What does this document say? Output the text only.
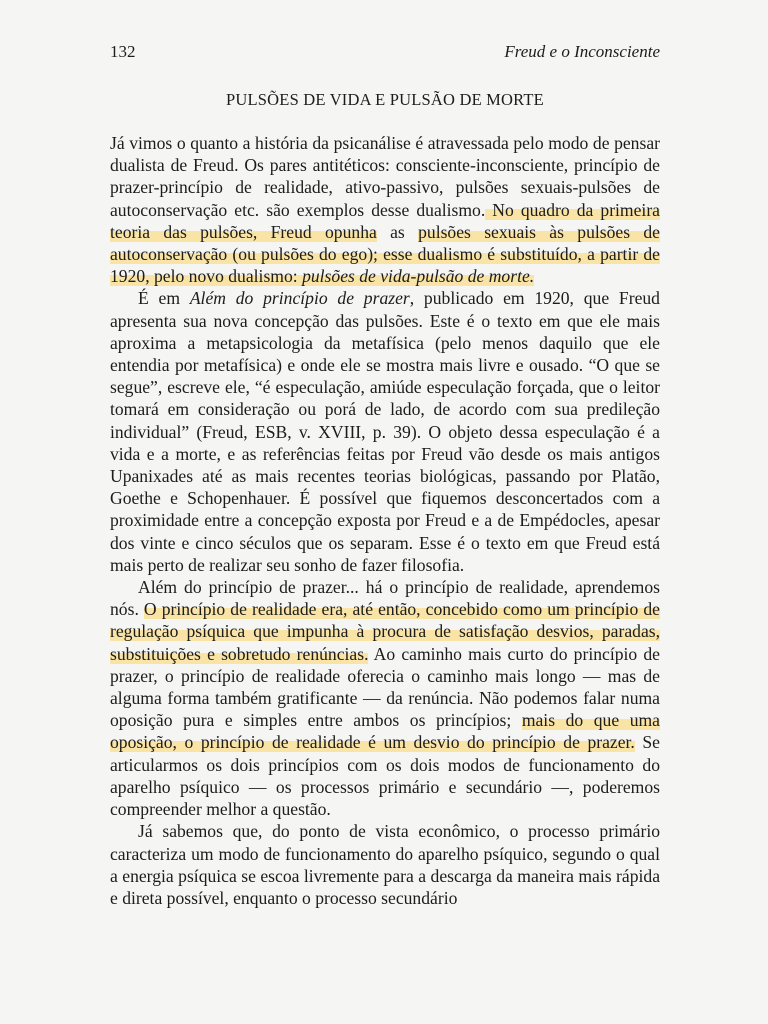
132	Freud e o Inconsciente
PULSÕES DE VIDA E PULSÃO DE MORTE

Já vimos o quanto a história da psicanálise é atravessada pelo modo de pensar dualista de Freud. Os pares antitéticos: consciente-inconsciente, princípio de prazer-princípio de realidade, ativo-passivo, pulsões sexuais-pulsões de autoconservação etc. são exemplos desse dualismo. No quadro da primeira teoria das pulsões, Freud opunha as pulsões sexuais às pulsões de autoconservação (ou pulsões do ego); esse dualismo é substituído, a partir de 1920, pelo novo dualismo: pulsões de vida-pulsão de morte.

É em Além do princípio de prazer, publicado em 1920, que Freud apresenta sua nova concepção das pulsões. Este é o texto em que ele mais aproxima a metapsicologia da metafísica (pelo menos daquilo que ele entendia por metafísica) e onde ele se mostra mais livre e ousado. “O que se segue”, escreve ele, “é especulação, amiúde especulação forçada, que o leitor tomará em consideração ou porá de lado, de acordo com sua predileção individual” (Freud, ESB, v. XVIII, p. 39). O objeto dessa especulação é a vida e a morte, e as referências feitas por Freud vão desde os mais antigos Upanixades até as mais recentes teorias biológicas, passando por Platão, Goethe e Schopenhauer. É possível que fiquemos desconcertados com a proximidade entre a concepção exposta por Freud e a de Empédocles, apesar dos vinte e cinco séculos que os separam. Esse é o texto em que Freud está mais perto de realizar seu sonho de fazer filosofia.

Além do princípio de prazer... há o princípio de realidade, aprendemos nós. O princípio de realidade era, até então, concebido como um princípio de regulação psíquica que impunha à procura de satisfação desvios, paradas, substituições e sobretudo renúncias. Ao caminho mais curto do princípio de prazer, o princípio de realidade oferecia o caminho mais longo — mas de alguma forma também gratificante — da renúncia. Não podemos falar numa oposição pura e simples entre ambos os princípios; mais do que uma oposição, o princípio de realidade é um desvio do princípio de prazer. Se articularmos os dois princípios com os dois modos de funcionamento do aparelho psíquico — os processos primário e secundário —, poderemos compreender melhor a questão.

Já sabemos que, do ponto de vista econômico, o processo primário caracteriza um modo de funcionamento do aparelho psíquico, segundo o qual a energia psíquica se escoa livremente para a descarga da maneira mais rápida e direta possível, enquanto o processo secundário
